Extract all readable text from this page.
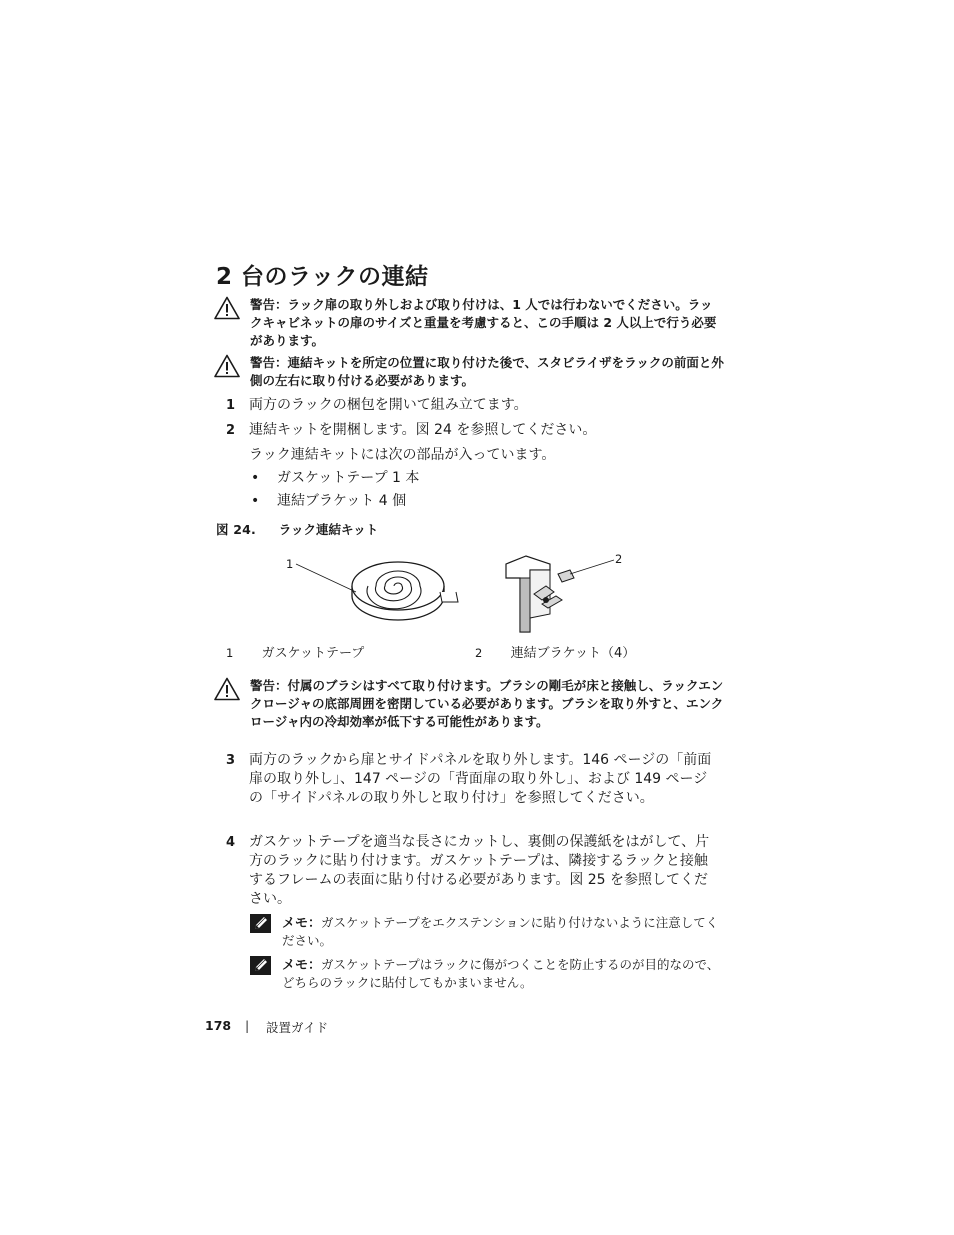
2 台のラックの連結
警告：ラック扉の取り外しおよび取り付けは、1 人では行わないでください。ラックキャビネットの扉のサイズと重量を考慮すると、この手順は 2 人以上で行う必要があります。
警告：連結キットを所定の位置に取り付けた後で、スタビライザをラックの前面と外側の左右に取り付ける必要があります。
1 両方のラックの梱包を開いて組み立てます。
2 連結キットを開梱します。図 24 を参照してください。
ラック連結キットには次の部品が入っています。
• ガスケットテープ 1 本
• 連結ブラケット 4 個
図 24. ラック連結キット
1	2
1 ガスケットテープ	2 連結ブラケット（4）
警告：付属のブラシはすべて取り付けます。ブラシの剛毛が床と接触し、ラックエンクロージャの底部周囲を密閉している必要があります。ブラシを取り外すと、エンクロージャ内の冷却効率が低下する可能性があります。
3 両方のラックから扉とサイドパネルを取り外します。146 ページの「前面扉の取り外し」、147 ページの「背面扉の取り外し」、および 149 ページの「サイドパネルの取り外しと取り付け」を参照してください。
4 ガスケットテープを適当な長さにカットし、裏側の保護紙をはがして、片方のラックに貼り付けます。ガスケットテープは、隣接するラックと接触するフレームの表面に貼り付ける必要があります。図 25 を参照してください。
メモ：ガスケットテープをエクステンションに貼り付けないように注意してください。
メモ：ガスケットテープはラックに傷がつくことを防止するのが目的なので、どちらのラックに貼付してもかまいません。
178 | 設置ガイド
